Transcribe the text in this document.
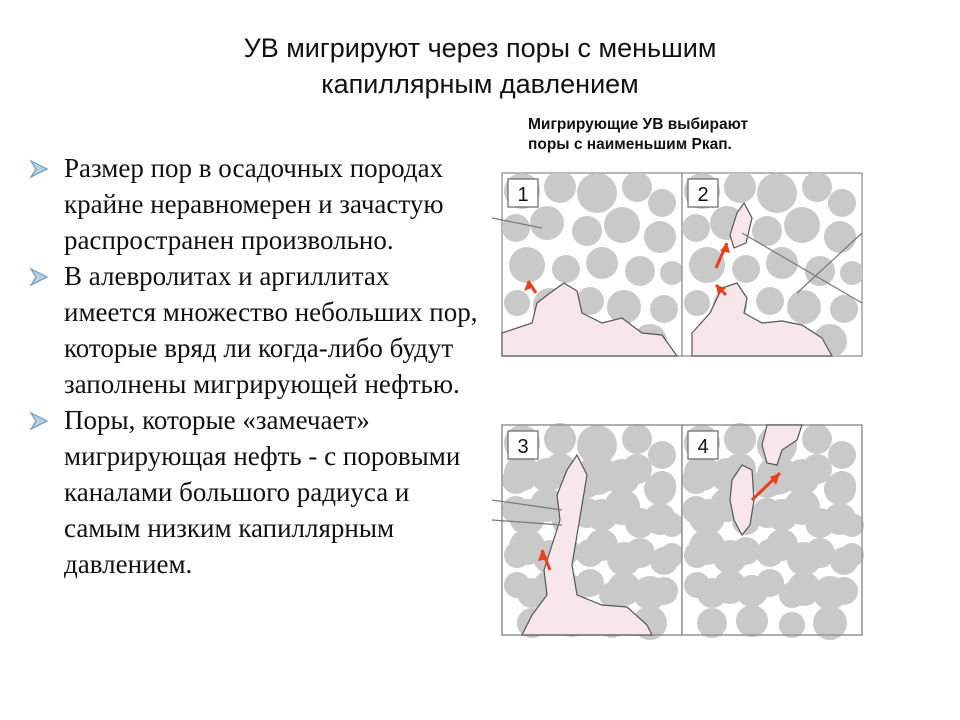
УВ мигрируют через поры с меньшим
капиллярным давлением

Размер пор в осадочных породах крайне неравномерен и зачастую распространен произвольно.

В алевролитах и аргиллитах имеется множество небольших пор, которые вряд ли когда-либо будут заполнены мигрирующей нефтью.

Поры, которые «замечает» мигрирующая нефть - с поровыми каналами большого радиуса и самым низким капиллярным давлением.

Мигрирующие УВ выбирают
поры с наименьшим Ркап.
1	2
3	4
